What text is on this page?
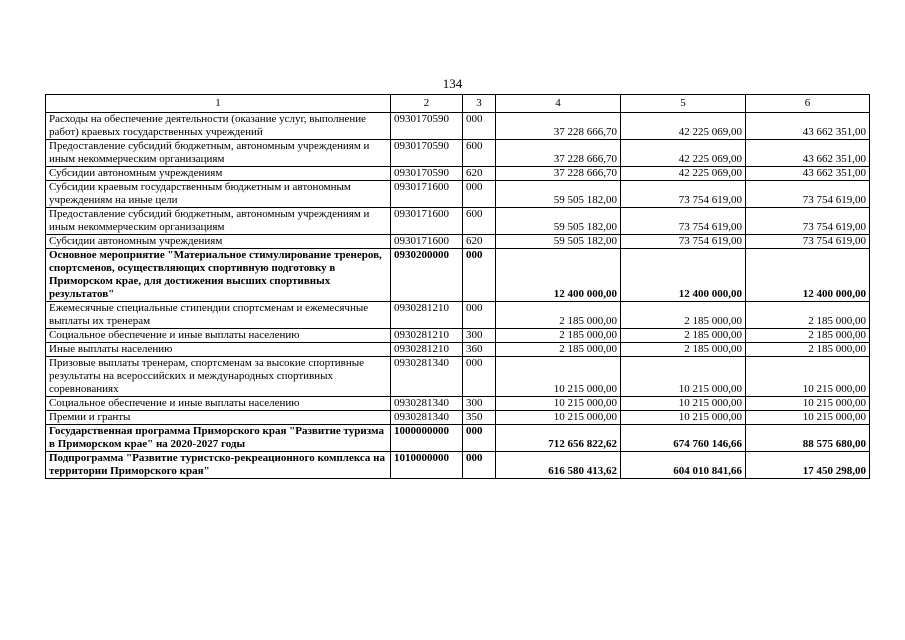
134
1	2	3	4	5	6
Расходы на обеспечение деятельности (оказание услуг, выполнение работ) краевых государственных учреждений	0930170590	000	37 228 666,70	42 225 069,00	43 662 351,00
Предоставление субсидий бюджетным, автономным учреждениям и иным некоммерческим организациям	0930170590	600	37 228 666,70	42 225 069,00	43 662 351,00
Субсидии автономным учреждениям	0930170590	620	37 228 666,70	42 225 069,00	43 662 351,00
Субсидии краевым государственным бюджетным и автономным учреждениям на иные цели	0930171600	000	59 505 182,00	73 754 619,00	73 754 619,00
Предоставление субсидий бюджетным, автономным учреждениям и иным некоммерческим организациям	0930171600	600	59 505 182,00	73 754 619,00	73 754 619,00
Субсидии автономным учреждениям	0930171600	620	59 505 182,00	73 754 619,00	73 754 619,00
Основное мероприятие "Материальное стимулирование тренеров, спортсменов, осуществляющих спортивную подготовку в Приморском крае, для достижения высших спортивных результатов"	0930200000	000	12 400 000,00	12 400 000,00	12 400 000,00
Ежемесячные специальные стипендии спортсменам и ежемесячные выплаты их тренерам	0930281210	000	2 185 000,00	2 185 000,00	2 185 000,00
Социальное обеспечение и иные выплаты населению	0930281210	300	2 185 000,00	2 185 000,00	2 185 000,00
Иные выплаты населению	0930281210	360	2 185 000,00	2 185 000,00	2 185 000,00
Призовые выплаты тренерам, спортсменам за высокие спортивные результаты на всероссийских и международных спортивных соревнованиях	0930281340	000	10 215 000,00	10 215 000,00	10 215 000,00
Социальное обеспечение и иные выплаты населению	0930281340	300	10 215 000,00	10 215 000,00	10 215 000,00
Премии и гранты	0930281340	350	10 215 000,00	10 215 000,00	10 215 000,00
Государственная программа Приморского края "Развитие туризма в Приморском крае" на 2020-2027 годы	1000000000	000	712 656 822,62	674 760 146,66	88 575 680,00
Подпрограмма "Развитие туристско-рекреационного комплекса на территории Приморского края"	1010000000	000	616 580 413,62	604 010 841,66	17 450 298,00
